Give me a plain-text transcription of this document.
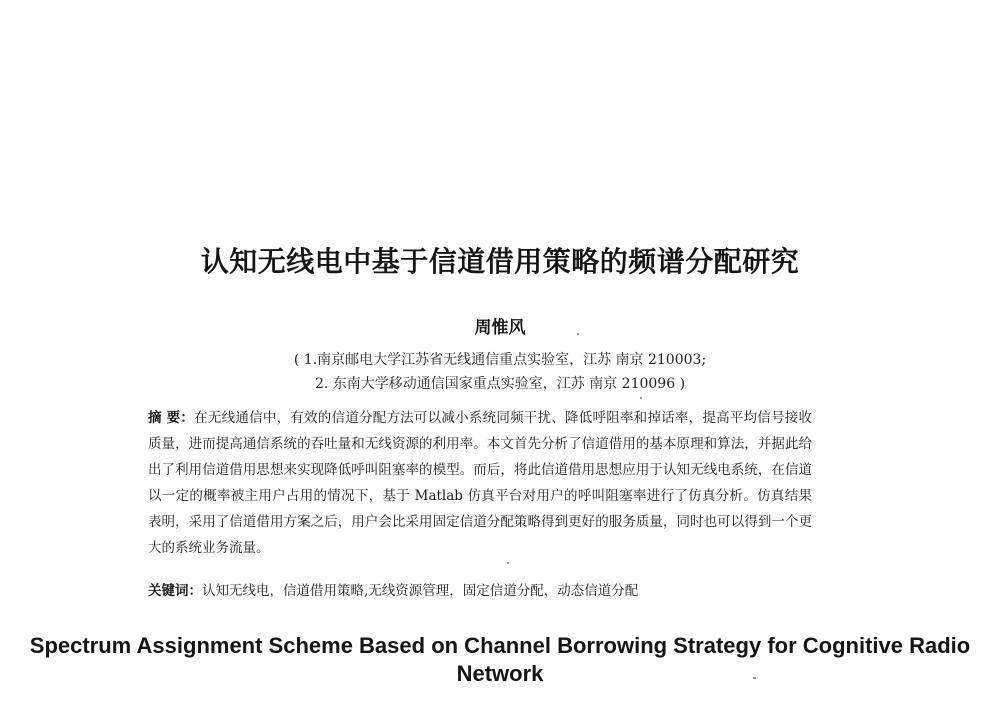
认知无线电中基于信道借用策略的频谱分配研究
周惟风
( 1.南京邮电大学江苏省无线通信重点实验室，江苏 南京 210003;
2. 东南大学移动通信国家重点实验室，江苏 南京 210096 )

摘 要：在无线通信中，有效的信道分配方法可以减小系统同频干扰、降低呼阻率和掉话率，提高平均信号接收质量，进而提高通信系统的吞吐量和无线资源的利用率。本文首先分析了信道借用的基本原理和算法，并据此给出了利用信道借用思想来实现降低呼叫阻塞率的模型。而后，将此信道借用思想应用于认知无线电系统，在信道以一定的概率被主用户占用的情况下，基于 Matlab 仿真平台对用户的呼叫阻塞率进行了仿真分析。仿真结果表明，采用了信道借用方案之后，用户会比采用固定信道分配策略得到更好的服务质量，同时也可以得到一个更大的系统业务流量。

关键词：认知无线电，信道借用策略,无线资源管理，固定信道分配，动态信道分配
Spectrum Assignment Scheme Based on Channel Borrowing Strategy for Cognitive Radio Network
